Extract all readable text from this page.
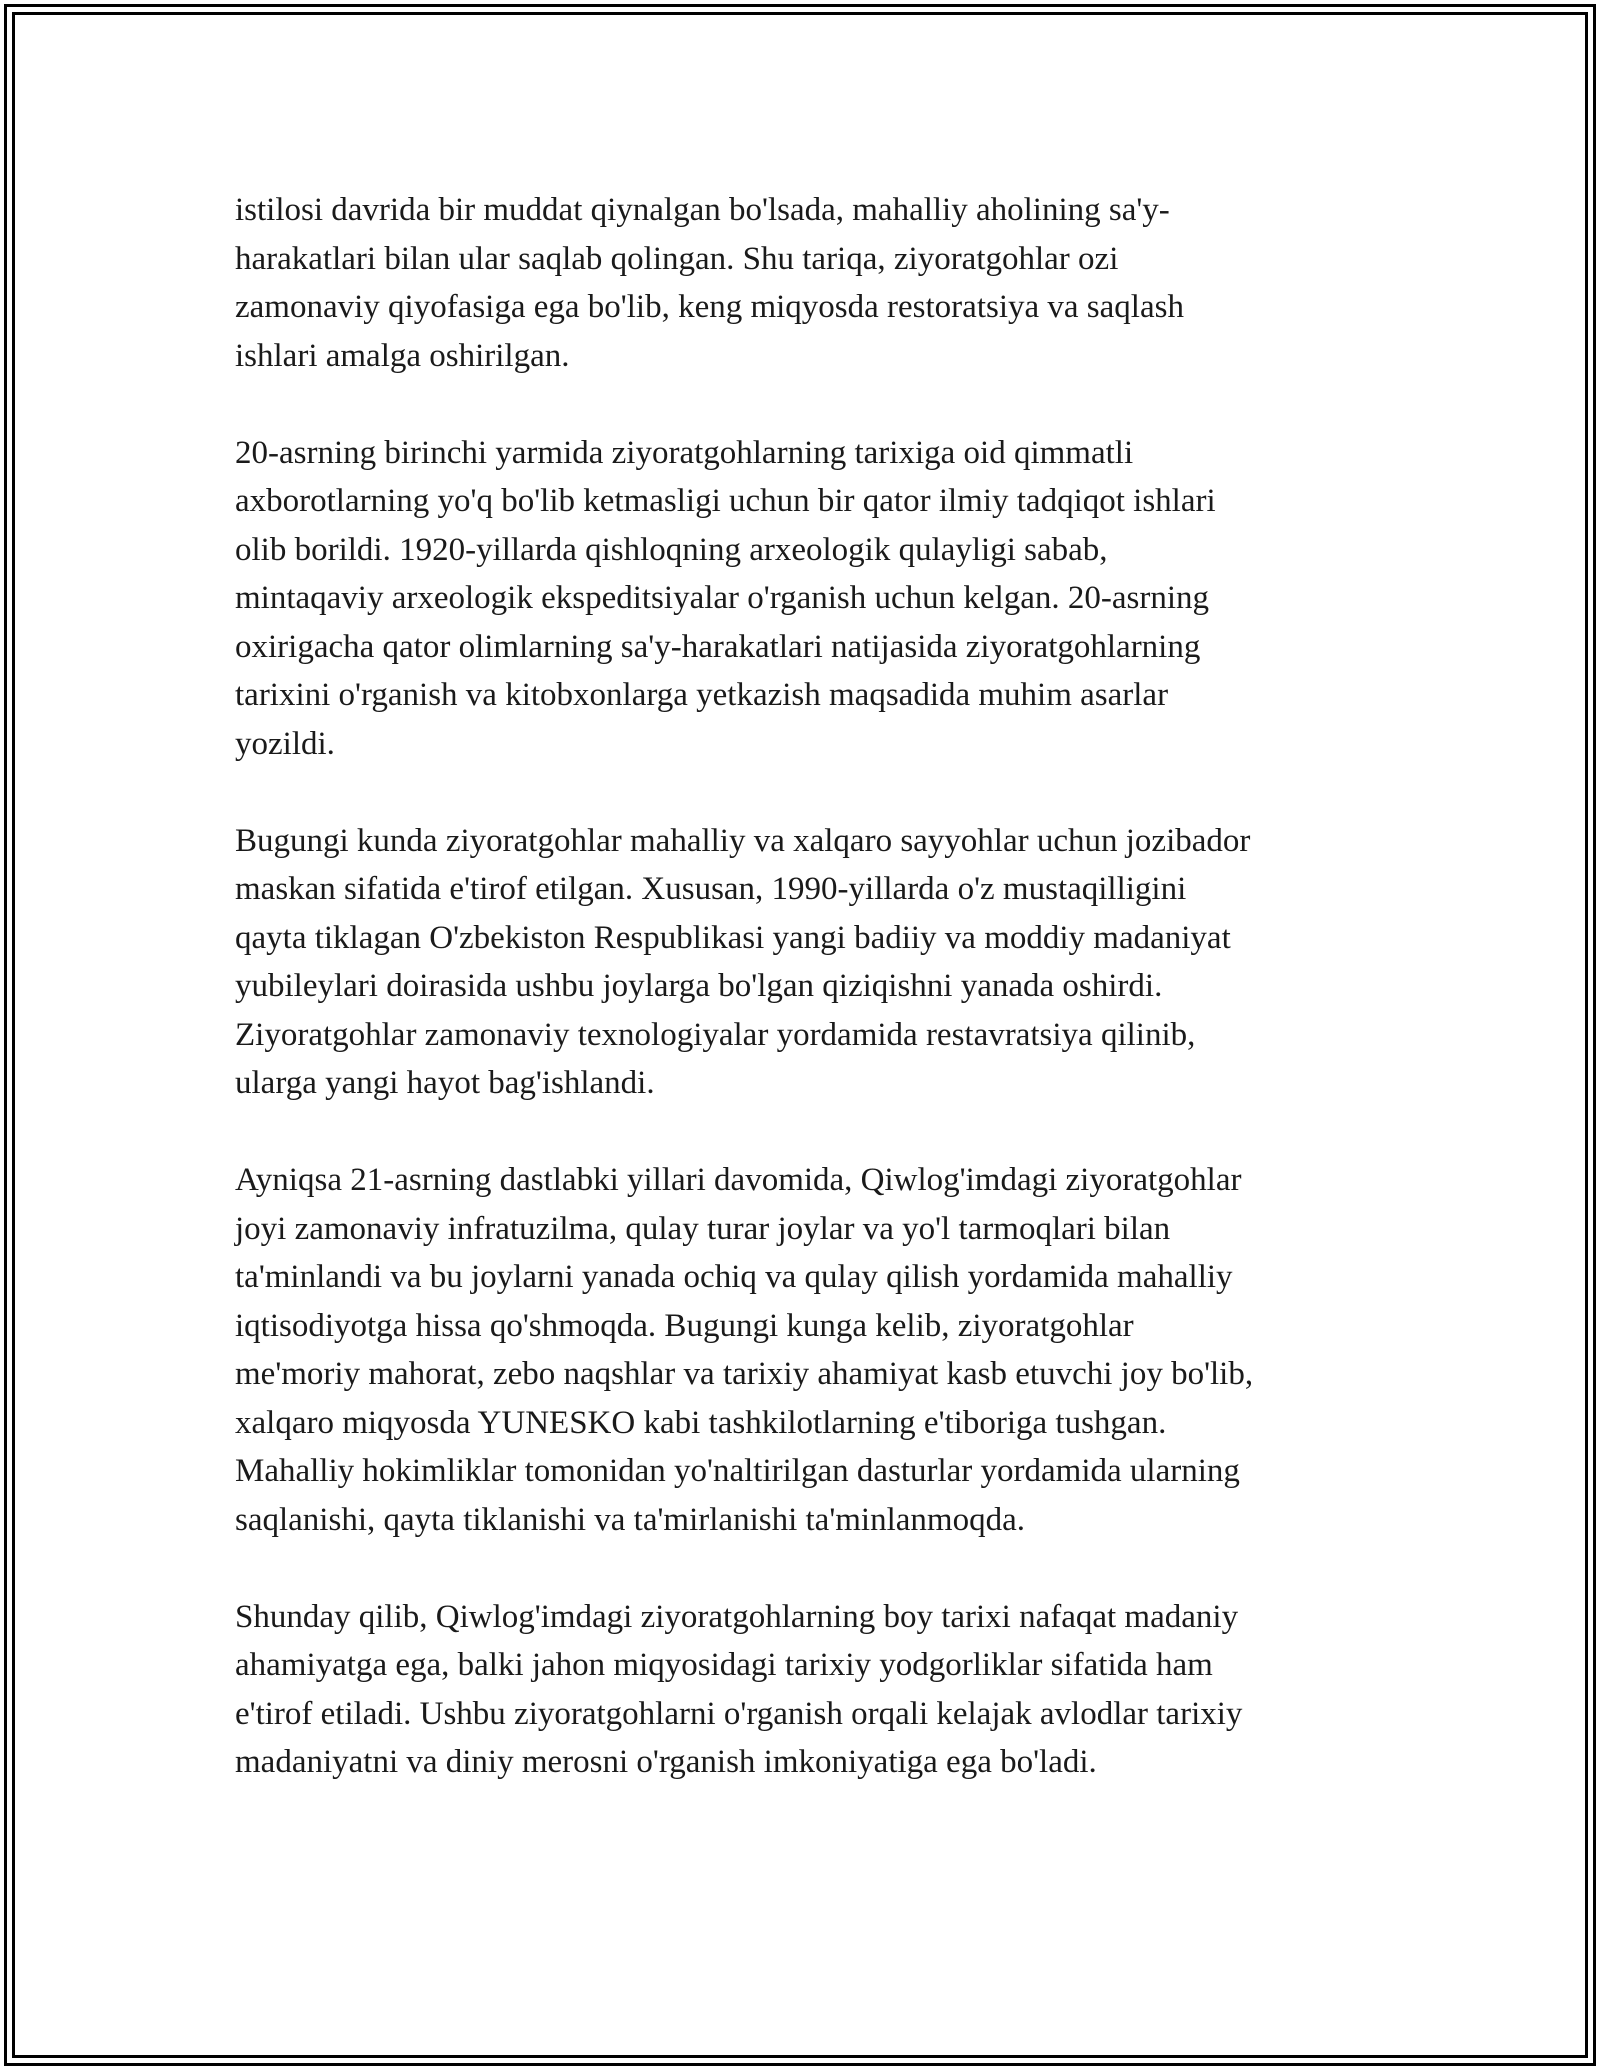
istilosi davrida bir muddat qiynalgan bo'lsada, mahalliy aholining sa'y-
harakatlari bilan ular saqlab qolingan. Shu tariqa, ziyoratgohlar ozi
zamonaviy qiyofasiga ega bo'lib, keng miqyosda restoratsiya va saqlash
ishlari amalga oshirilgan.

20-asrning birinchi yarmida ziyoratgohlarning tarixiga oid qimmatli
axborotlarning yo'q bo'lib ketmasligi uchun bir qator ilmiy tadqiqot ishlari
olib borildi. 1920-yillarda qishloqning arxeologik qulayligi sabab,
mintaqaviy arxeologik ekspeditsiyalar o'rganish uchun kelgan. 20-asrning
oxirigacha qator olimlarning sa'y-harakatlari natijasida ziyoratgohlarning
tarixini o'rganish va kitobxonlarga yetkazish maqsadida muhim asarlar
yozildi.

Bugungi kunda ziyoratgohlar mahalliy va xalqaro sayyohlar uchun jozibador
maskan sifatida e'tirof etilgan. Xususan, 1990-yillarda o'z mustaqilligini
qayta tiklagan O'zbekiston Respublikasi yangi badiiy va moddiy madaniyat
yubileylari doirasida ushbu joylarga bo'lgan qiziqishni yanada oshirdi.
Ziyoratgohlar zamonaviy texnologiyalar yordamida restavratsiya qilinib,
ularga yangi hayot bag'ishlandi.

Ayniqsa 21-asrning dastlabki yillari davomida, Qiwlog'imdagi ziyoratgohlar
joyi zamonaviy infratuzilma, qulay turar joylar va yo'l tarmoqlari bilan
ta'minlandi va bu joylarni yanada ochiq va qulay qilish yordamida mahalliy
iqtisodiyotga hissa qo'shmoqda. Bugungi kunga kelib, ziyoratgohlar
me'moriy mahorat, zebo naqshlar va tarixiy ahamiyat kasb etuvchi joy bo'lib,
xalqaro miqyosda YUNESKO kabi tashkilotlarning e'tiboriga tushgan.
Mahalliy hokimliklar tomonidan yo'naltirilgan dasturlar yordamida ularning
saqlanishi, qayta tiklanishi va ta'mirlanishi ta'minlanmoqda.

Shunday qilib, Qiwlog'imdagi ziyoratgohlarning boy tarixi nafaqat madaniy
ahamiyatga ega, balki jahon miqyosidagi tarixiy yodgorliklar sifatida ham
e'tirof etiladi. Ushbu ziyoratgohlarni o'rganish orqali kelajak avlodlar tarixiy
madaniyatni va diniy merosni o'rganish imkoniyatiga ega bo'ladi.
